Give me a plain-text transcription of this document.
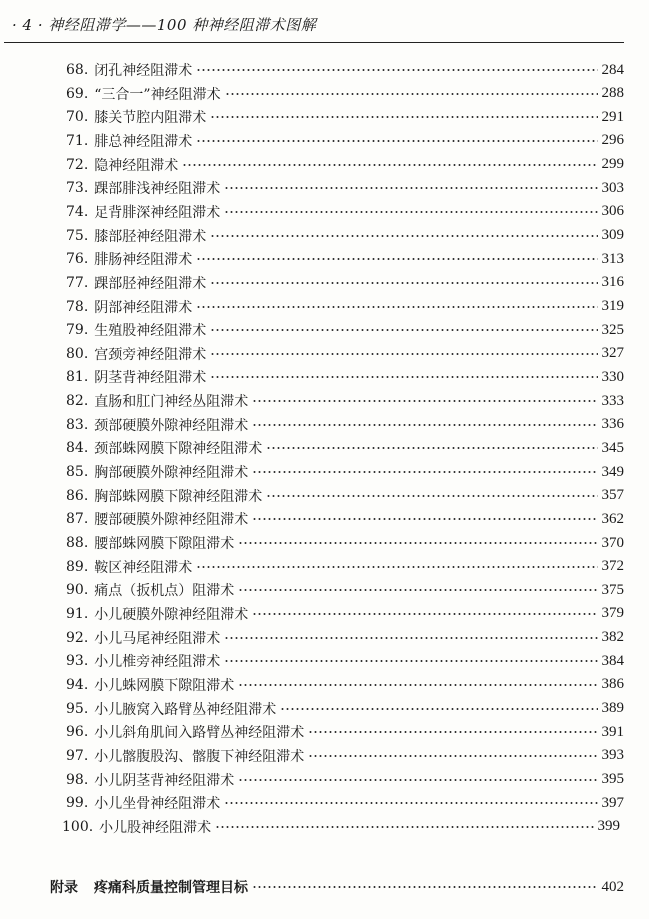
· 4 · 神经阻滞学——100 种神经阻滞术图解
68. 闭孔神经阻滞术	284
69. “三合一”神经阻滞术	288
70. 膝关节腔内阻滞术	291
71. 腓总神经阻滞术	296
72. 隐神经阻滞术	299
73. 踝部腓浅神经阻滞术	303
74. 足背腓深神经阻滞术	306
75. 膝部胫神经阻滞术	309
76. 腓肠神经阻滞术	313
77. 踝部胫神经阻滞术	316
78. 阴部神经阻滞术	319
79. 生殖股神经阻滞术	325
80. 宫颈旁神经阻滞术	327
81. 阴茎背神经阻滞术	330
82. 直肠和肛门神经丛阻滞术	333
83. 颈部硬膜外隙神经阻滞术	336
84. 颈部蛛网膜下隙神经阻滞术	345
85. 胸部硬膜外隙神经阻滞术	349
86. 胸部蛛网膜下隙神经阻滞术	357
87. 腰部硬膜外隙神经阻滞术	362
88. 腰部蛛网膜下隙阻滞术	370
89. 鞍区神经阻滞术	372
90. 痛点（扳机点）阻滞术	375
91. 小儿硬膜外隙神经阻滞术	379
92. 小儿马尾神经阻滞术	382
93. 小儿椎旁神经阻滞术	384
94. 小儿蛛网膜下隙阻滞术	386
95. 小儿腋窝入路臂丛神经阻滞术	389
96. 小儿斜角肌间入路臂丛神经阻滞术	391
97. 小儿髂腹股沟、髂腹下神经阻滞术	393
98. 小儿阴茎背神经阻滞术	395
99. 小儿坐骨神经阻滞术	397
100. 小儿股神经阻滞术	399
附录 疼痛科质量控制管理目标	402
